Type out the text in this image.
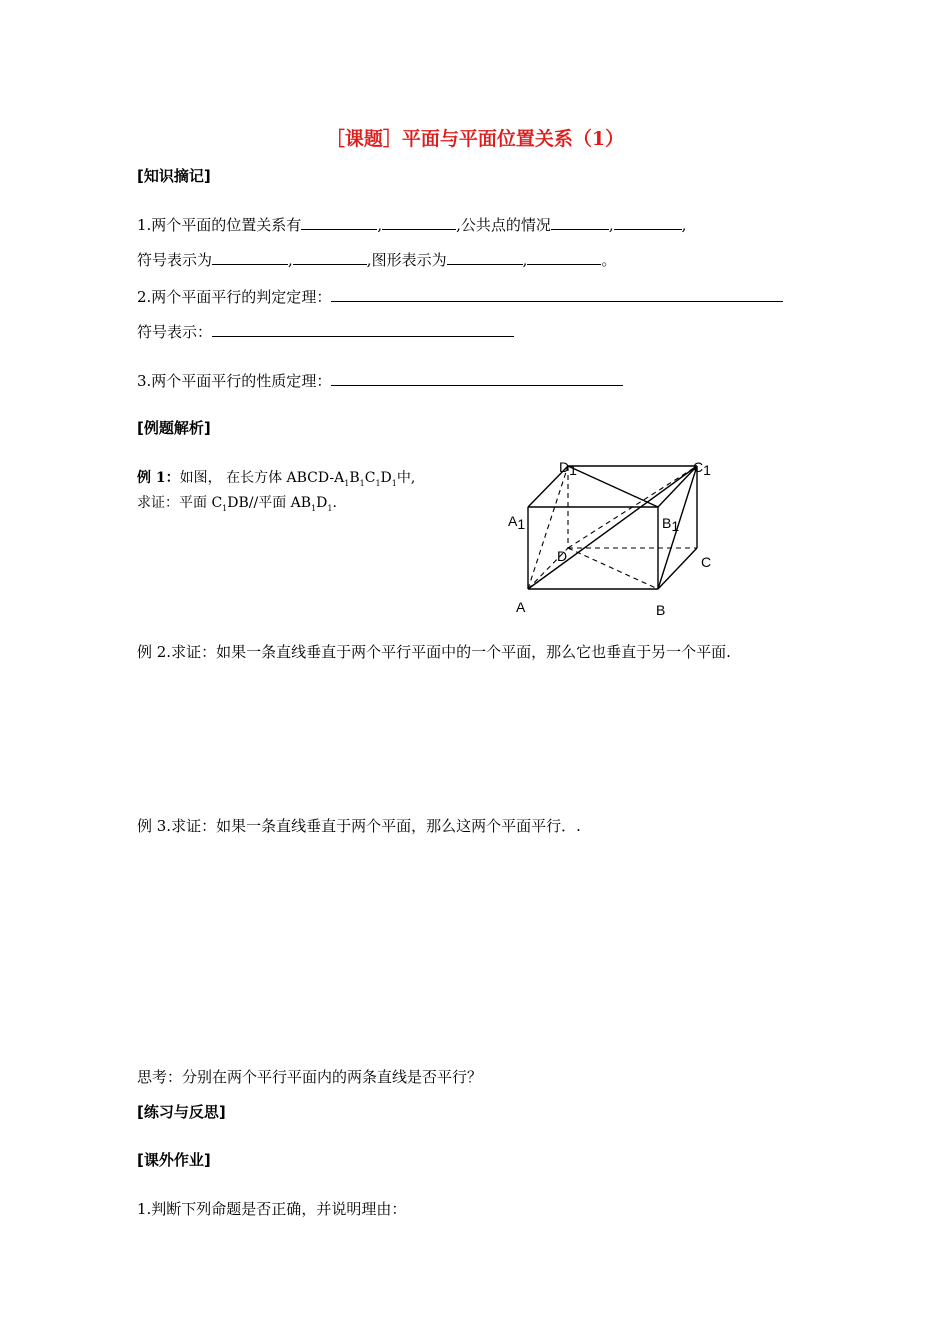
［课题］平面与平面位置关系（1）
[知识摘记]
1.两个平面的位置关系有	,	,公共点的情况	,	,
符号表示为	,	,图形表示为	,	。
2.两个平面平行的判定定理：
符号表示：
3.两个平面平行的性质定理：
[例题解析]
例 1：如图， 在长方体 ABCD-$A_1B_1C_1D_1$中,
求证：平面 $C_1DB//$平面 $AB_1D_1$.
D1	C1
A1	B1
D	C
A	B
例 2.求证：如果一条直线垂直于两个平行平面中的一个平面，那么它也垂直于另一个平面.
例 3.求证：如果一条直线垂直于两个平面，那么这两个平面平行．.
思考：分别在两个平行平面内的两条直线是否平行？
[练习与反思]
[课外作业]
1.判断下列命题是否正确，并说明理由：
